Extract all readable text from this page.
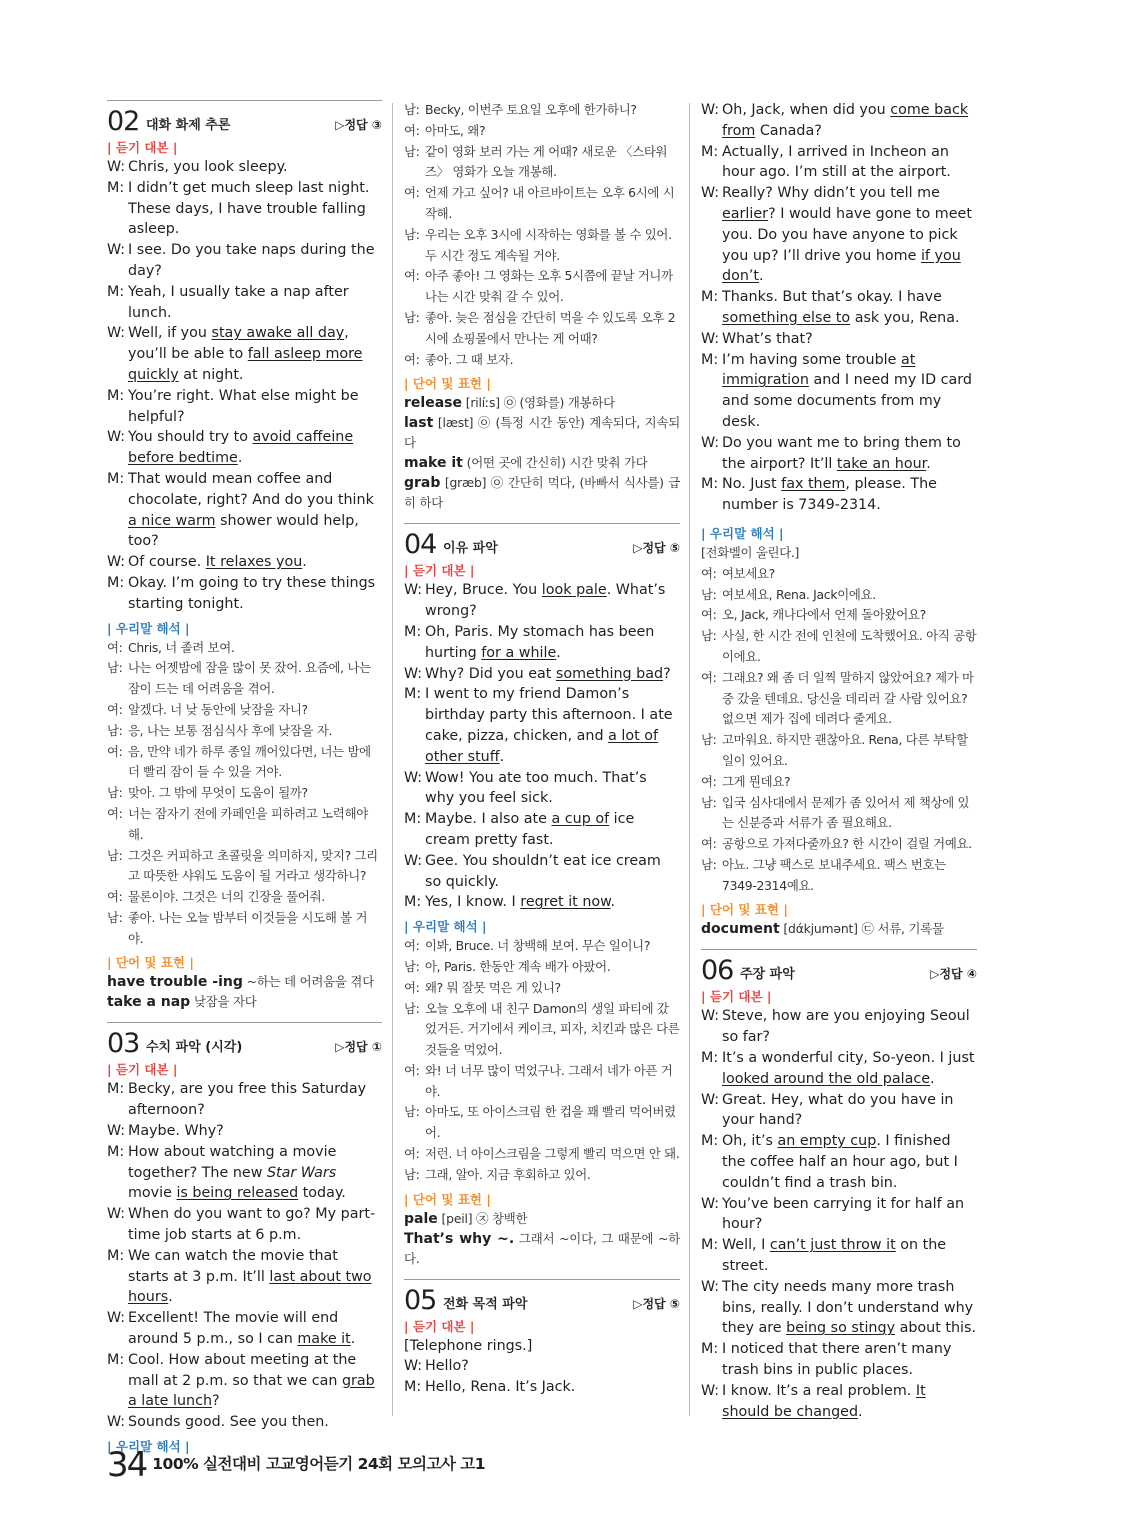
02 대화 화제 추론	▷정답 ③
| 듣기 대본 |
W: Chris, you look sleepy.
M: I didn’t get much sleep last night. These days, I have trouble falling asleep.
W: I see. Do you take naps during the day?
M: Yeah, I usually take a nap after lunch.
W: Well, if you stay awake all day, you’ll be able to fall asleep more quickly at night.
M: You’re right. What else might be helpful?
W: You should try to avoid caffeine before bedtime.
M: That would mean coffee and chocolate, right? And do you think a nice warm shower would help, too?
W: Of course. It relaxes you.
M: Okay. I’m going to try these things starting tonight.
| 우리말 해석 |
여: Chris, 너 졸려 보여.
남: 나는 어젯밤에 잠을 많이 못 잤어. 요즘에, 나는 잠이 드는 데 어려움을 겪어.
여: 알겠다. 너 낮 동안에 낮잠을 자니?
남: 응, 나는 보통 점심식사 후에 낮잠을 자.
여: 음, 만약 네가 하루 종일 깨어있다면, 너는 밤에 더 빨리 잠이 들 수 있을 거야.
남: 맞아. 그 밖에 무엇이 도움이 될까?
여: 너는 잠자기 전에 카페인을 피하려고 노력해야 해.
남: 그것은 커피하고 초콜릿을 의미하지, 맞지? 그리고 따뜻한 샤워도 도움이 될 거라고 생각하니?
여: 물론이야. 그것은 너의 긴장을 풀어줘.
남: 좋아. 나는 오늘 밤부터 이것들을 시도해 볼 거야.
| 단어 및 표현 |
have trouble -ing ~하는 데 어려움을 겪다
take a nap 낮잠을 자다
03 수치 파악 (시각)	▷정답 ①
| 듣기 대본 |
M: Becky, are you free this Saturday afternoon?
W: Maybe. Why?
M: How about watching a movie together? The new Star Wars movie is being released today.
W: When do you want to go? My part-time job starts at 6 p.m.
M: We can watch the movie that starts at 3 p.m. It’ll last about two hours.
W: Excellent! The movie will end around 5 p.m., so I can make it.
M: Cool. How about meeting at the mall at 2 p.m. so that we can grab a late lunch?
W: Sounds good. See you then.
| 우리말 해석 |
남: Becky, 이번주 토요일 오후에 한가하니?
여: 아마도, 왜?
남: 같이 영화 보러 가는 게 어때? 새로운 〈스타워즈〉 영화가 오늘 개봉해.
여: 언제 가고 싶어? 내 아르바이트는 오후 6시에 시작해.
남: 우리는 오후 3시에 시작하는 영화를 볼 수 있어. 두 시간 정도 계속될 거야.
여: 아주 좋아! 그 영화는 오후 5시쯤에 끝날 거니까 나는 시간 맞춰 갈 수 있어.
남: 좋아. 늦은 점심을 간단히 먹을 수 있도록 오후 2시에 쇼핑몰에서 만나는 게 어때?
여: 좋아. 그 때 보자.
| 단어 및 표현 |
release [rilíːs] ㉧ (영화를) 개봉하다
last [læst] ㉧ (특정 시간 동안) 계속되다, 지속되다
make it (어떤 곳에 간신히) 시간 맞춰 가다
grab [græb] ㉧ 간단히 먹다, (바빠서 식사를) 급히 하다
04 이유 파악	▷정답 ⑤
| 듣기 대본 |
W: Hey, Bruce. You look pale. What’s wrong?
M: Oh, Paris. My stomach has been hurting for a while.
W: Why? Did you eat something bad?
M: I went to my friend Damon’s birthday party this afternoon. I ate cake, pizza, chicken, and a lot of other stuff.
W: Wow! You ate too much. That’s why you feel sick.
M: Maybe. I also ate a cup of ice cream pretty fast.
W: Gee. You shouldn’t eat ice cream so quickly.
M: Yes, I know. I regret it now.
| 우리말 해석 |
여: 이봐, Bruce. 너 창백해 보여. 무슨 일이니?
남: 아, Paris. 한동안 계속 배가 아팠어.
여: 왜? 뭐 잘못 먹은 게 있니?
남: 오늘 오후에 내 친구 Damon의 생일 파티에 갔었거든. 거기에서 케이크, 피자, 치킨과 많은 다른 것들을 먹었어.
여: 와! 너 너무 많이 먹었구나. 그래서 네가 아픈 거야.
남: 아마도, 또 아이스크림 한 컵을 꽤 빨리 먹어버렸어.
여: 저런. 너 아이스크림을 그렇게 빨리 먹으면 안 돼.
남: 그래, 알아. 지금 후회하고 있어.
| 단어 및 표현 |
pale [peil] ㉨ 창백한
That’s why ~. 그래서 ~이다, 그 때문에 ~하다.
05 전화 목적 파악	▷정답 ⑤
| 듣기 대본 |
[Telephone rings.]
W: Hello?
M: Hello, Rena. It’s Jack.
W: Oh, Jack, when did you come back from Canada?
M: Actually, I arrived in Incheon an hour ago. I’m still at the airport.
W: Really? Why didn’t you tell me earlier? I would have gone to meet you. Do you have anyone to pick you up? I’ll drive you home if you don’t.
M: Thanks. But that’s okay. I have something else to ask you, Rena.
W: What’s that?
M: I’m having some trouble at immigration and I need my ID card and some documents from my desk.
W: Do you want me to bring them to the airport? It’ll take an hour.
M: No. Just fax them, please. The number is 7349-2314.
| 우리말 해석 |
[전화벨이 울린다.]
여: 여보세요?
남: 여보세요, Rena. Jack이에요.
여: 오, Jack, 캐나다에서 언제 돌아왔어요?
남: 사실, 한 시간 전에 인천에 도착했어요. 아직 공항이에요.
여: 그래요? 왜 좀 더 일찍 말하지 않았어요? 제가 마중 갔을 텐데요. 당신을 데리러 갈 사람 있어요? 없으면 제가 집에 데려다 줄게요.
남: 고마워요. 하지만 괜찮아요. Rena, 다른 부탁할 일이 있어요.
여: 그게 뭔데요?
남: 입국 심사대에서 문제가 좀 있어서 제 책상에 있는 신분증과 서류가 좀 필요해요.
여: 공항으로 가져다줄까요? 한 시간이 걸릴 거예요.
남: 아뇨. 그냥 팩스로 보내주세요. 팩스 번호는 7349-2314예요.
| 단어 및 표현 |
document [dάkjumənt] ㉢ 서류, 기록물
06 주장 파악	▷정답 ④
| 듣기 대본 |
W: Steve, how are you enjoying Seoul so far?
M: It’s a wonderful city, So-yeon. I just looked around the old palace.
W: Great. Hey, what do you have in your hand?
M: Oh, it’s an empty cup. I finished the coffee half an hour ago, but I couldn’t find a trash bin.
W: You’ve been carrying it for half an hour?
M: Well, I can’t just throw it on the street.
W: The city needs many more trash bins, really. I don’t understand why they are being so stingy about this.
M: I noticed that there aren’t many trash bins in public places.
W: I know. It’s a real problem. It should be changed.
34 100% 실전대비 고교영어듣기 24회 모의고사 고1
